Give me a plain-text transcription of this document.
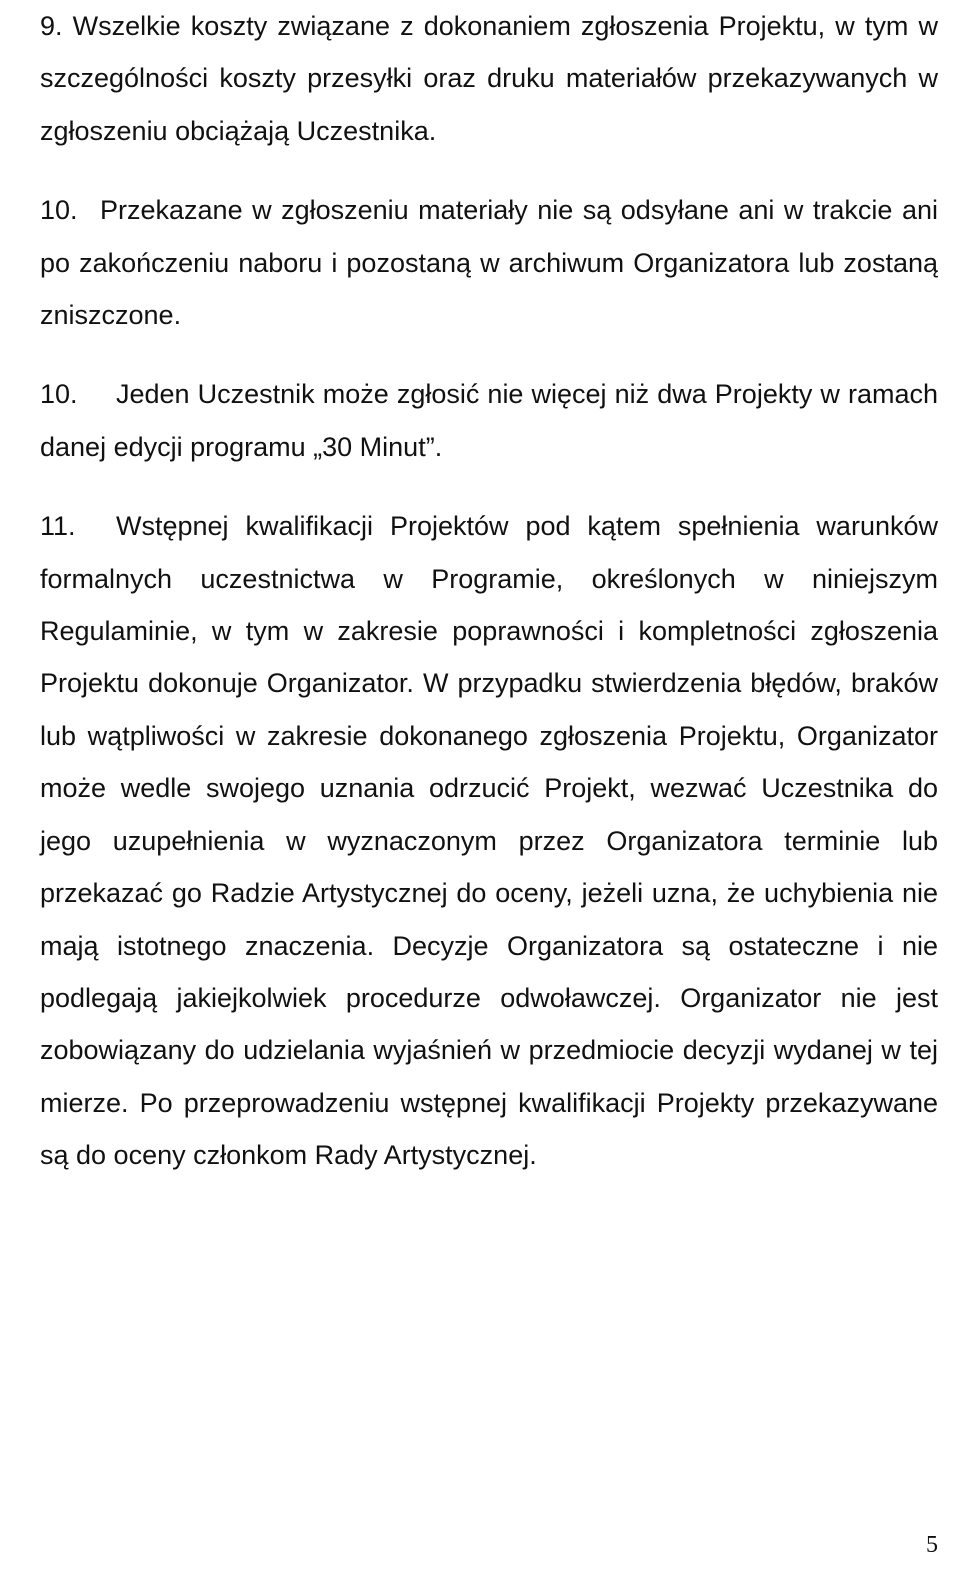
9. Wszelkie koszty związane z dokonaniem zgłoszenia Projektu, w tym w szczególności koszty przesyłki oraz druku materiałów przekazywanych w zgłoszeniu obciążają Uczestnika.

10. Przekazane w zgłoszeniu materiały nie są odsyłane ani w trakcie ani po zakończeniu naboru i pozostaną w archiwum Organizatora lub zostaną zniszczone.

10. Jeden Uczestnik może zgłosić nie więcej niż dwa Projekty w ramach danej edycji programu „30 Minut”.

11. Wstępnej kwalifikacji Projektów pod kątem spełnienia warunków formalnych uczestnictwa w Programie, określonych w niniejszym Regulaminie, w tym w zakresie poprawności i kompletności zgłoszenia Projektu dokonuje Organizator. W przypadku stwierdzenia błędów, braków lub wątpliwości w zakresie dokonanego zgłoszenia Projektu, Organizator może wedle swojego uznania odrzucić Projekt, wezwać Uczestnika do jego uzupełnienia w wyznaczonym przez Organizatora terminie lub przekazać go Radzie Artystycznej do oceny, jeżeli uzna, że uchybienia nie mają istotnego znaczenia. Decyzje Organizatora są ostateczne i nie podlegają jakiejkolwiek procedurze odwoławczej. Organizator nie jest zobowiązany do udzielania wyjaśnień w przedmiocie decyzji wydanej w tej mierze. Po przeprowadzeniu wstępnej kwalifikacji Projekty przekazywane są do oceny członkom Rady Artystycznej.

5
